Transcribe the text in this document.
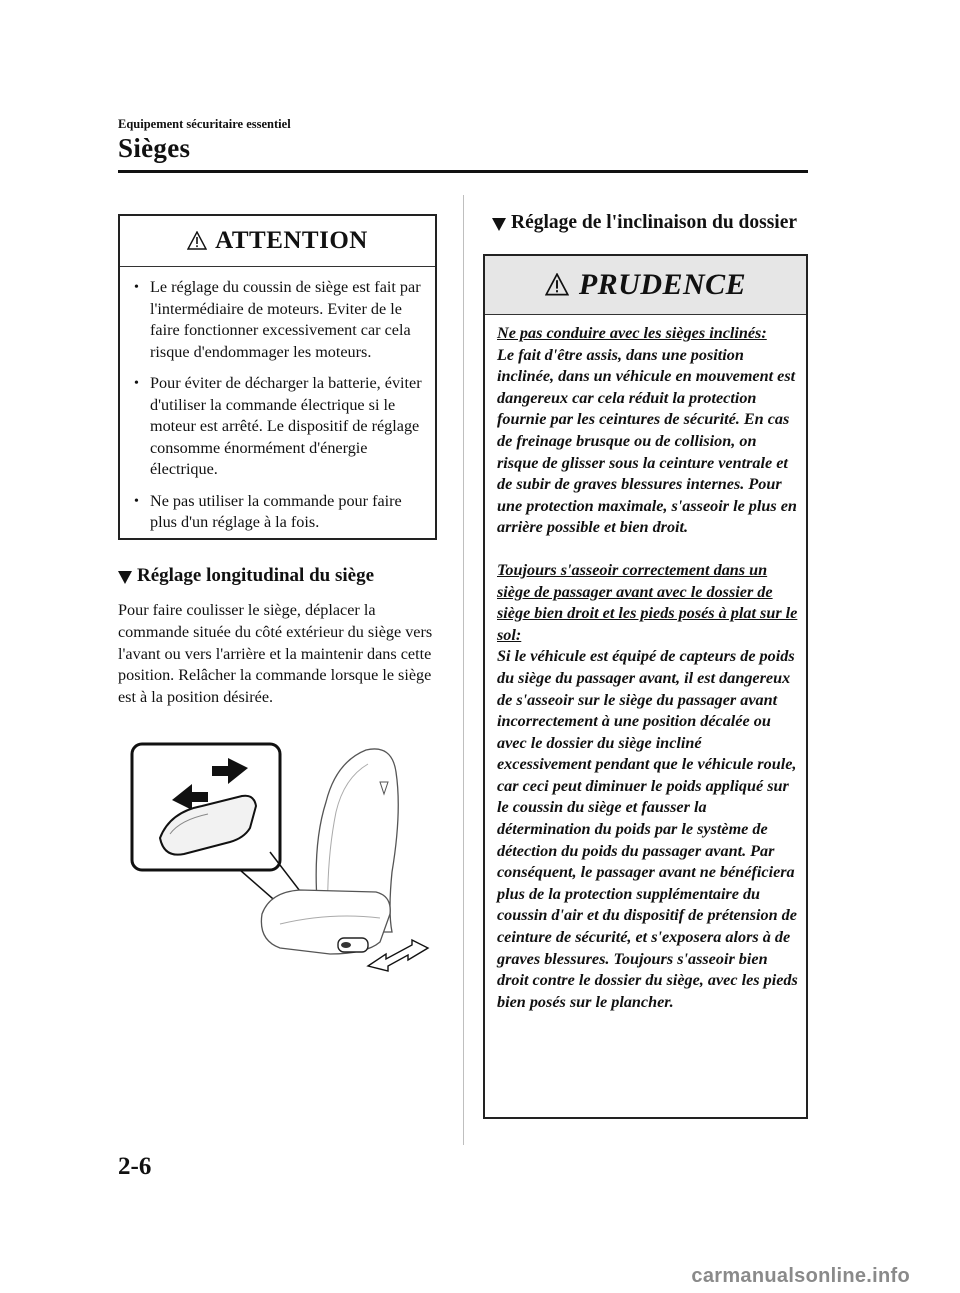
Equipement sécuritaire essentiel
Sièges
ATTENTION
• Le réglage du coussin de siège est fait par l'intermédiaire de moteurs. Eviter de le faire fonctionner excessivement car cela risque d'endommager les moteurs.
• Pour éviter de décharger la batterie, éviter d'utiliser la commande électrique si le moteur est arrêté. Le dispositif de réglage consomme énormément d'énergie électrique.
• Ne pas utiliser la commande pour faire plus d'un réglage à la fois.
Réglage longitudinal du siège
Pour faire coulisser le siège, déplacer la commande située du côté extérieur du siège vers l'avant ou vers l'arrière et la maintenir dans cette position. Relâcher la commande lorsque le siège est à la position désirée.
Réglage de l'inclinaison du dossier
PRUDENCE
Ne pas conduire avec les sièges inclinés:

Le fait d'être assis, dans une position inclinée, dans un véhicule en mouvement est dangereux car cela réduit la protection fournie par les ceintures de sécurité. En cas de freinage brusque ou de collision, on risque de glisser sous la ceinture ventrale et de subir de graves blessures internes. Pour une protection maximale, s'asseoir le plus en arrière possible et bien droit.

Toujours s'asseoir correctement dans un siège de passager avant avec le dossier de siège bien droit et les pieds posés à plat sur le sol:

Si le véhicule est équipé de capteurs de poids du siège du passager avant, il est dangereux de s'asseoir sur le siège du passager avant incorrectement à une position décalée ou avec le dossier du siège incliné excessivement pendant que le véhicule roule, car ceci peut diminuer le poids appliqué sur le coussin du siège et fausser la détermination du poids par le système de détection du poids du passager avant. Par conséquent, le passager avant ne bénéficiera plus de la protection supplémentaire du coussin d'air et du dispositif de prétension de ceinture de sécurité, et s'exposera alors à de graves blessures. Toujours s'asseoir bien droit contre le dossier du siège, avec les pieds bien posés sur le plancher.

2-6
carmanualsonline.info
